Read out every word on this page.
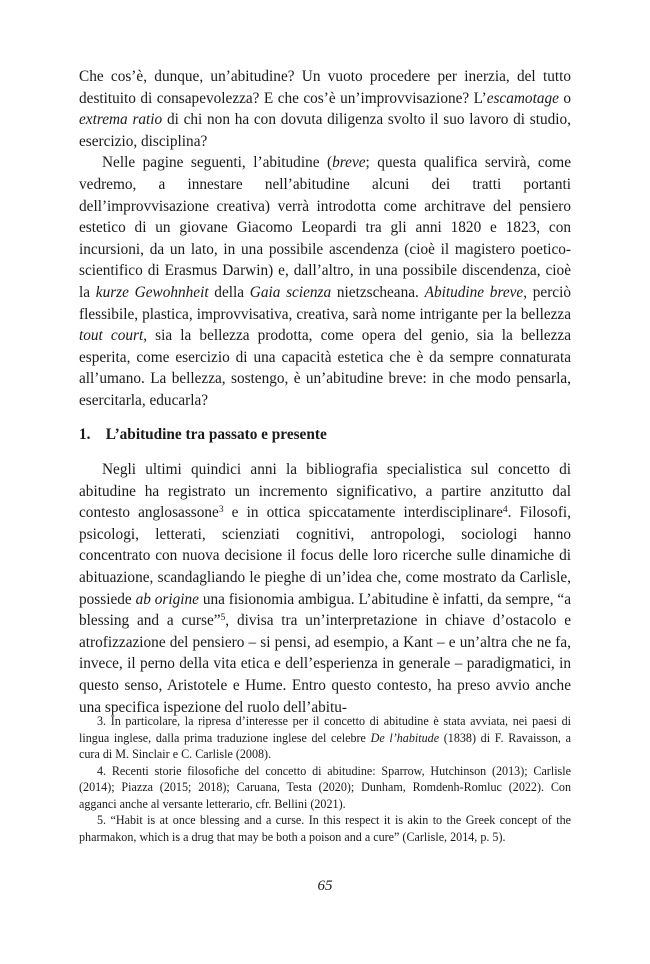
Che cos’è, dunque, un’abitudine? Un vuoto procedere per inerzia, del tutto destituito di consapevolezza? E che cos’è un’improvvisazione? L’escamotage o extrema ratio di chi non ha con dovuta diligenza svolto il suo lavoro di studio, esercizio, disciplina?

Nelle pagine seguenti, l’abitudine (breve; questa qualifica servirà, come vedremo, a innestare nell’abitudine alcuni dei tratti portanti dell’improvvisazione creativa) verrà introdotta come architrave del pensiero estetico di un giovane Giacomo Leopardi tra gli anni 1820 e 1823, con incursioni, da un lato, in una possibile ascendenza (cioè il magistero poetico-scientifico di Erasmus Darwin) e, dall’altro, in una possibile discendenza, cioè la kurze Gewohnheit della Gaia scienza nietzscheana. Abitudine breve, perciò flessibile, plastica, improvvisativa, creativa, sarà nome intrigante per la bellezza tout court, sia la bellezza prodotta, come opera del genio, sia la bellezza esperita, come esercizio di una capacità estetica che è da sempre connaturata all’umano. La bellezza, sostengo, è un’abitudine breve: in che modo pensarla, esercitarla, educarla?

1. L’abitudine tra passato e presente

Negli ultimi quindici anni la bibliografia specialistica sul concetto di abitudine ha registrato un incremento significativo, a partire anzitutto dal contesto anglosassone$^3$ e in ottica spiccatamente interdisciplinare$^4$. Filosofi, psicologi, letterati, scienziati cognitivi, antropologi, sociologi hanno concentrato con nuova decisione il focus delle loro ricerche sulle dinamiche di abituazione, scandagliando le pieghe di un’idea che, come mostrato da Carlisle, possiede ab origine una fisionomia ambigua. L’abitudine è infatti, da sempre, “a blessing and a curse”$^5$, divisa tra un’interpretazione in chiave d’ostacolo e atrofizzazione del pensiero – si pensi, ad esempio, a Kant – e un’altra che ne fa, invece, il perno della vita etica e dell’esperienza in generale – paradigmatici, in questo senso, Aristotele e Hume. Entro questo contesto, ha preso avvio anche una specifica ispezione del ruolo dell’abitu-

3. In particolare, la ripresa d’interesse per il concetto di abitudine è stata avviata, nei paesi di lingua inglese, dalla prima traduzione inglese del celebre De l’habitude (1838) di F. Ravaisson, a cura di M. Sinclair e C. Carlisle (2008).

4. Recenti storie filosofiche del concetto di abitudine: Sparrow, Hutchinson (2013); Carlisle (2014); Piazza (2015; 2018); Caruana, Testa (2020); Dunham, Romdenh-Romluc (2022). Con agganci anche al versante letterario, cfr. Bellini (2021).

5. “Habit is at once blessing and a curse. In this respect it is akin to the Greek concept of the pharmakon, which is a drug that may be both a poison and a cure” (Carlisle, 2014, p. 5).

65
